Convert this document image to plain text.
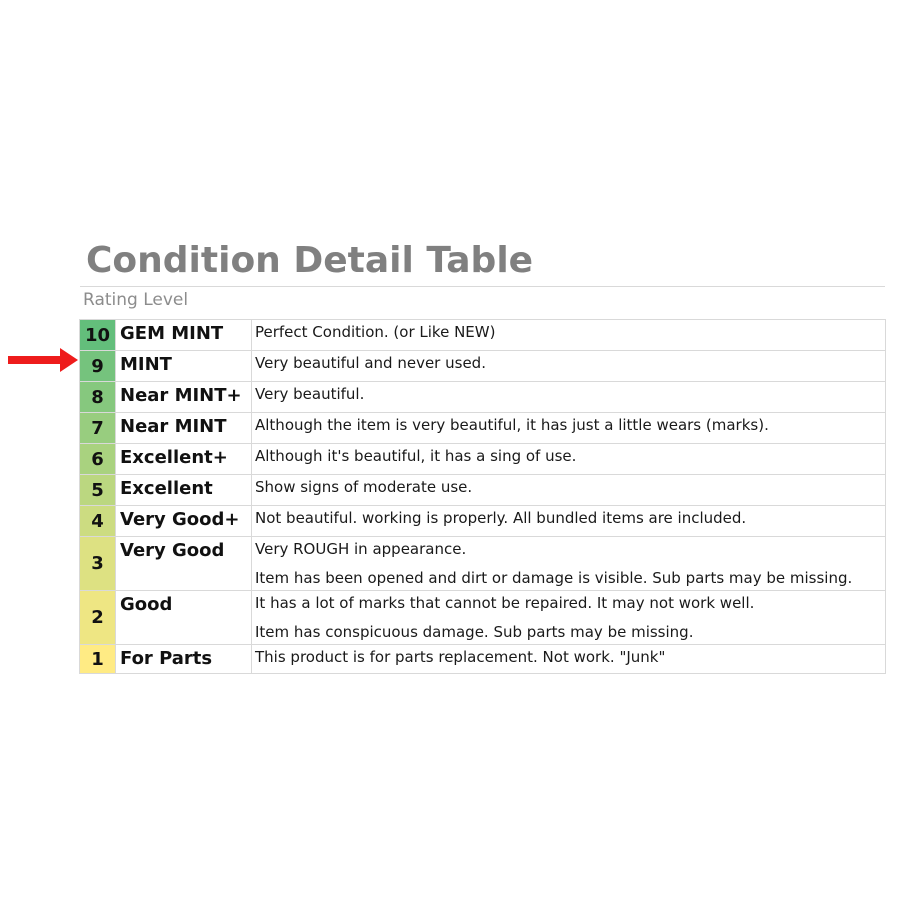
Condition Detail Table
Rating Level
10	GEM MINT	Perfect Condition. (or Like NEW)

9	MINT	Very beautiful and never used.

8	Near MINT+	Very beautiful.

7	Near MINT	Although the item is very beautiful, it has just a little wears (marks).

6	Excellent+	Although it's beautiful, it has a sing of use.

5	Excellent	Show signs of moderate use.

4	Very Good+	Not beautiful. working is properly. All bundled items are included.

3	Very Good	Very ROUGH in appearance.
Item has been opened and dirt or damage is visible. Sub parts may be missing.

2	Good	It has a lot of marks that cannot be repaired. It may not work well.
Item has conspicuous damage. Sub parts may be missing.

1	For Parts	This product is for parts replacement. Not work. "Junk"
